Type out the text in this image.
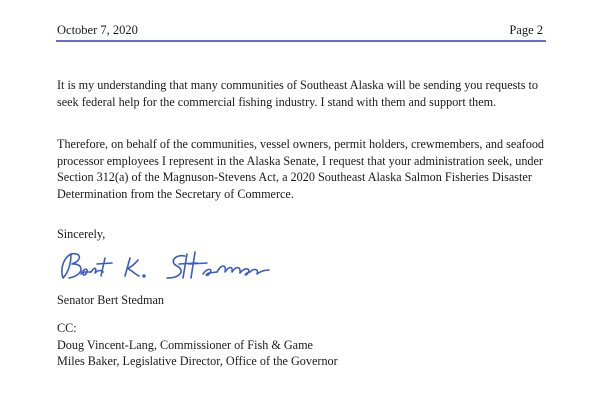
October 7, 2020	Page 2

It is my understanding that many communities of Southeast Alaska will be sending you requests to seek federal help for the commercial fishing industry. I stand with them and support them.

Therefore, on behalf of the communities, vessel owners, permit holders, crewmembers, and seafood processor employees I represent in the Alaska Senate, I request that your administration seek, under Section 312(a) of the Magnuson-Stevens Act, a 2020 Southeast Alaska Salmon Fisheries Disaster Determination from the Secretary of Commerce.

Sincerely,
Senator Bert Stedman
CC:
Doug Vincent-Lang, Commissioner of Fish & Game
Miles Baker, Legislative Director, Office of the Governor
